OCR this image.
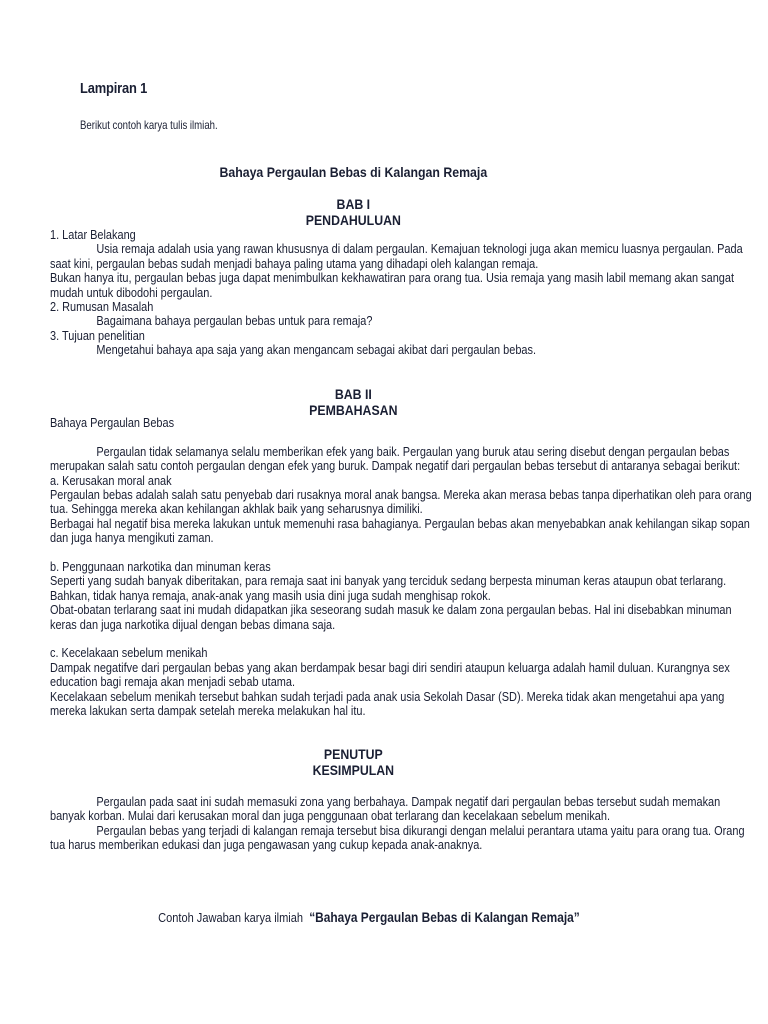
Lampiran 1
Berikut contoh karya tulis ilmiah.
Bahaya Pergaulan Bebas di Kalangan Remaja
BAB I
PENDAHULUAN

1. Latar Belakang

Usia remaja adalah usia yang rawan khususnya di dalam pergaulan. Kemajuan teknologi juga akan memicu luasnya pergaulan. Pada saat kini, pergaulan bebas sudah menjadi bahaya paling utama yang dihadapi oleh kalangan remaja.

Bukan hanya itu, pergaulan bebas juga dapat menimbulkan kekhawatiran para orang tua. Usia remaja yang masih labil memang akan sangat mudah untuk dibodohi pergaulan.

2. Rumusan Masalah

Bagaimana bahaya pergaulan bebas untuk para remaja?

3. Tujuan penelitian

Mengetahui bahaya apa saja yang akan mengancam sebagai akibat dari pergaulan bebas.

BAB II
PEMBAHASAN

Bahaya Pergaulan Bebas

Pergaulan tidak selamanya selalu memberikan efek yang baik. Pergaulan yang buruk atau sering disebut dengan pergaulan bebas merupakan salah satu contoh pergaulan dengan efek yang buruk. Dampak negatif dari pergaulan bebas tersebut di antaranya sebagai berikut:

a. Kerusakan moral anak

Pergaulan bebas adalah salah satu penyebab dari rusaknya moral anak bangsa. Mereka akan merasa bebas tanpa diperhatikan oleh para orang tua. Sehingga mereka akan kehilangan akhlak baik yang seharusnya dimiliki.

Berbagai hal negatif bisa mereka lakukan untuk memenuhi rasa bahagianya. Pergaulan bebas akan menyebabkan anak kehilangan sikap sopan dan juga hanya mengikuti zaman.

b. Penggunaan narkotika dan minuman keras

Seperti yang sudah banyak diberitakan, para remaja saat ini banyak yang terciduk sedang berpesta minuman keras ataupun obat terlarang. Bahkan, tidak hanya remaja, anak-anak yang masih usia dini juga sudah menghisap rokok.

Obat-obatan terlarang saat ini mudah didapatkan jika seseorang sudah masuk ke dalam zona pergaulan bebas. Hal ini disebabkan minuman keras dan juga narkotika dijual dengan bebas dimana saja.

c. Kecelakaan sebelum menikah

Dampak negatifve dari pergaulan bebas yang akan berdampak besar bagi diri sendiri ataupun keluarga adalah hamil duluan. Kurangnya sex education bagi remaja akan menjadi sebab utama.

Kecelakaan sebelum menikah tersebut bahkan sudah terjadi pada anak usia Sekolah Dasar (SD). Mereka tidak akan mengetahui apa yang mereka lakukan serta dampak setelah mereka melakukan hal itu.

PENUTUP
KESIMPULAN

Pergaulan pada saat ini sudah memasuki zona yang berbahaya. Dampak negatif dari pergaulan bebas tersebut sudah memakan banyak korban. Mulai dari kerusakan moral dan juga penggunaan obat terlarang dan kecelakaan sebelum menikah.

Pergaulan bebas yang terjadi di kalangan remaja tersebut bisa dikurangi dengan melalui perantara utama yaitu para orang tua. Orang tua harus memberikan edukasi dan juga pengawasan yang cukup kepada anak-anaknya.

Contoh Jawaban karya ilmiah  “Bahaya Pergaulan Bebas di Kalangan Remaja”
